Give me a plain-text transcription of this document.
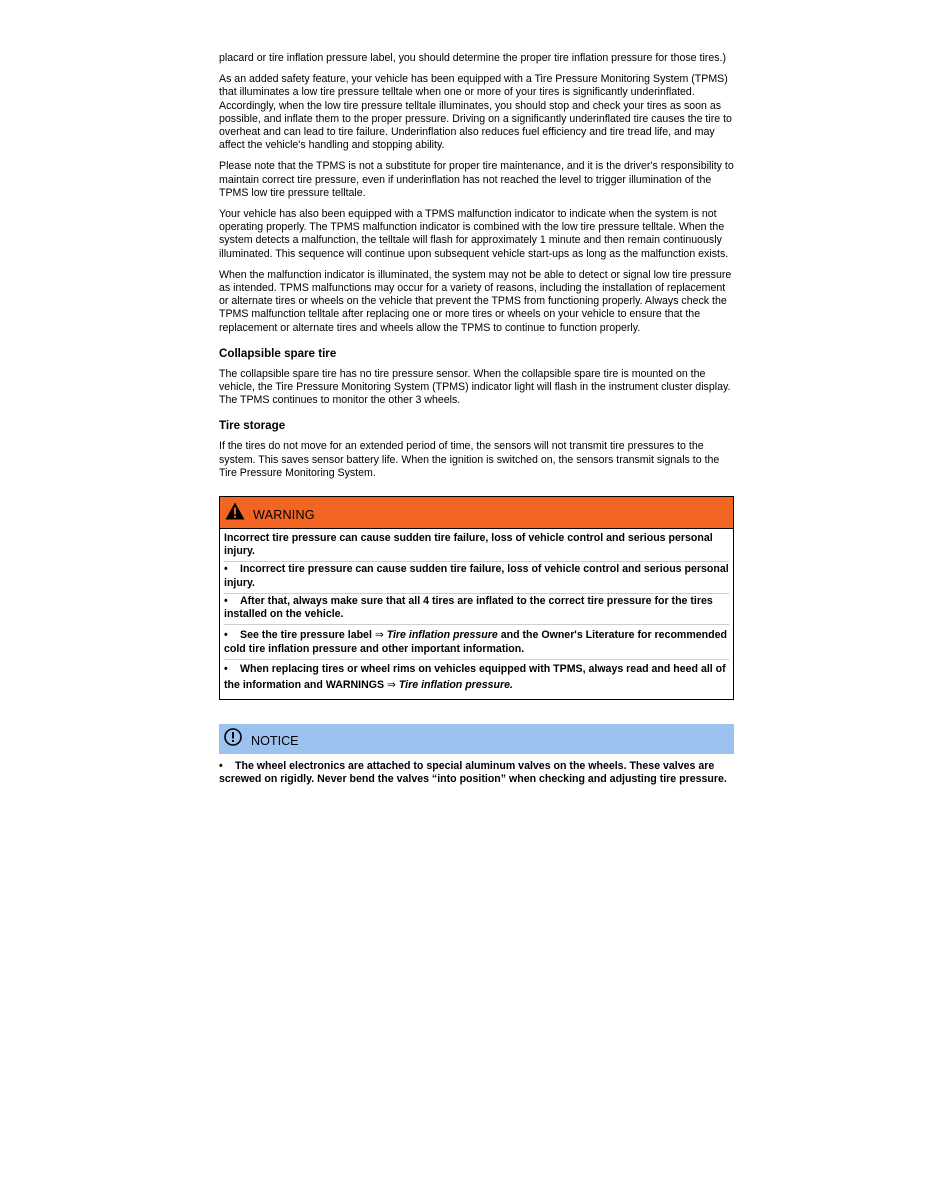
placard or tire inflation pressure label, you should determine the proper tire inflation pressure for those tires.)

As an added safety feature, your vehicle has been equipped with a Tire Pressure Monitoring System (TPMS) that illuminates a low tire pressure telltale when one or more of your tires is significantly underinflated. Accordingly, when the low tire pressure telltale illuminates, you should stop and check your tires as soon as possible, and inflate them to the proper pressure. Driving on a significantly underinflated tire causes the tire to overheat and can lead to tire failure. Underinflation also reduces fuel efficiency and tire tread life, and may affect the vehicle's handling and stopping ability.

Please note that the TPMS is not a substitute for proper tire maintenance, and it is the driver's responsibility to maintain correct tire pressure, even if underinflation has not reached the level to trigger illumination of the TPMS low tire pressure telltale.

Your vehicle has also been equipped with a TPMS malfunction indicator to indicate when the system is not operating properly. The TPMS malfunction indicator is combined with the low tire pressure telltale. When the system detects a malfunction, the telltale will flash for approximately 1 minute and then remain continuously illuminated. This sequence will continue upon subsequent vehicle start-ups as long as the malfunction exists.

When the malfunction indicator is illuminated, the system may not be able to detect or signal low tire pressure as intended. TPMS malfunctions may occur for a variety of reasons, including the installation of replacement or alternate tires or wheels on the vehicle that prevent the TPMS from functioning properly. Always check the TPMS malfunction telltale after replacing one or more tires or wheels on your vehicle to ensure that the replacement or alternate tires and wheels allow the TPMS to continue to function properly.

Collapsible spare tire

The collapsible spare tire has no tire pressure sensor. When the collapsible spare tire is mounted on the vehicle, the Tire Pressure Monitoring System (TPMS) indicator light will flash in the instrument cluster display. The TPMS continues to monitor the other 3 wheels.

Tire storage

If the tires do not move for an extended period of time, the sensors will not transmit tire pressures to the system. This saves sensor battery life. When the ignition is switched on, the sensors transmit signals to the Tire Pressure Monitoring System.

WARNING
Incorrect tire pressure can cause sudden tire failure, loss of vehicle control and serious personal injury.
• Incorrect tire pressure can cause sudden tire failure, loss of vehicle control and serious personal injury.
• After that, always make sure that all 4 tires are inflated to the correct tire pressure for the tires installed on the vehicle.
• See the tire pressure label ⇒ Tire inflation pressure and the Owner's Literature for recommended cold tire inflation pressure and other important information.
• When replacing tires or wheel rims on vehicles equipped with TPMS, always read and heed all of the information and WARNINGS ⇒ Tire inflation pressure.
NOTICE
• The wheel electronics are attached to special aluminum valves on the wheels. These valves are screwed on rigidly. Never bend the valves “into position” when checking and adjusting tire pressure.
